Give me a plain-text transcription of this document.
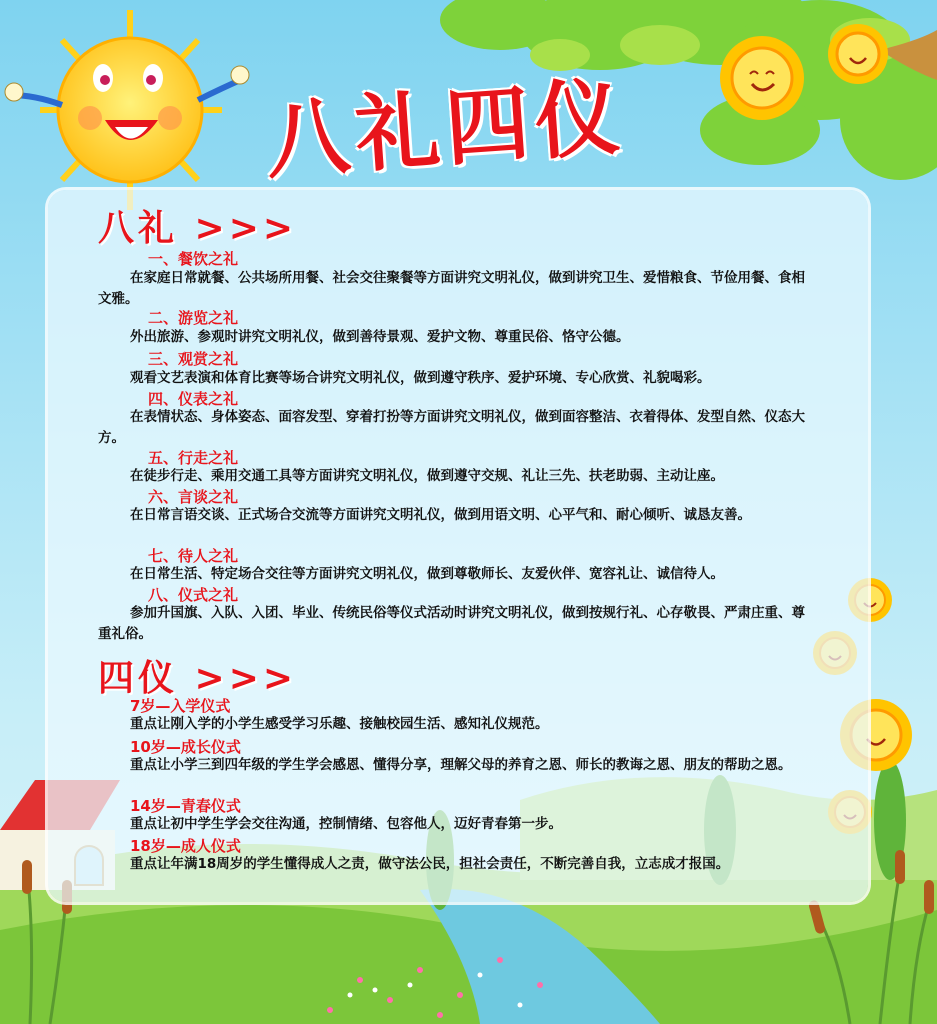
八礼四仪
八礼 >>>
一、餐饮之礼
在家庭日常就餐、公共场所用餐、社会交往聚餐等方面讲究文明礼仪，做到讲究卫生、爱惜粮食、节俭用餐、食相文雅。
二、游览之礼
外出旅游、参观时讲究文明礼仪，做到善待景观、爱护文物、尊重民俗、恪守公德。
三、观赏之礼
观看文艺表演和体育比赛等场合讲究文明礼仪，做到遵守秩序、爱护环境、专心欣赏、礼貌喝彩。
四、仪表之礼
在表情状态、身体姿态、面容发型、穿着打扮等方面讲究文明礼仪，做到面容整洁、衣着得体、发型自然、仪态大方。
五、行走之礼
在徒步行走、乘用交通工具等方面讲究文明礼仪，做到遵守交规、礼让三先、扶老助弱、主动让座。
六、言谈之礼
在日常言语交谈、正式场合交流等方面讲究文明礼仪，做到用语文明、心平气和、耐心倾听、诚恳友善。
七、待人之礼
在日常生活、特定场合交往等方面讲究文明礼仪，做到尊敬师长、友爱伙伴、宽容礼让、诚信待人。
八、仪式之礼
参加升国旗、入队、入团、毕业、传统民俗等仪式活动时讲究文明礼仪，做到按规行礼、心存敬畏、严肃庄重、尊重礼俗。
四仪 >>>
7岁—入学仪式
重点让刚入学的小学生感受学习乐趣、接触校园生活、感知礼仪规范。
10岁—成长仪式
重点让小学三到四年级的学生学会感恩、懂得分享，理解父母的养育之恩、师长的教诲之恩、朋友的帮助之恩。
14岁—青春仪式
重点让初中学生学会交往沟通，控制情绪、包容他人，迈好青春第一步。
18岁—成人仪式
重点让年满18周岁的学生懂得成人之责，做守法公民，担社会责任，不断完善自我，立志成才报国。
